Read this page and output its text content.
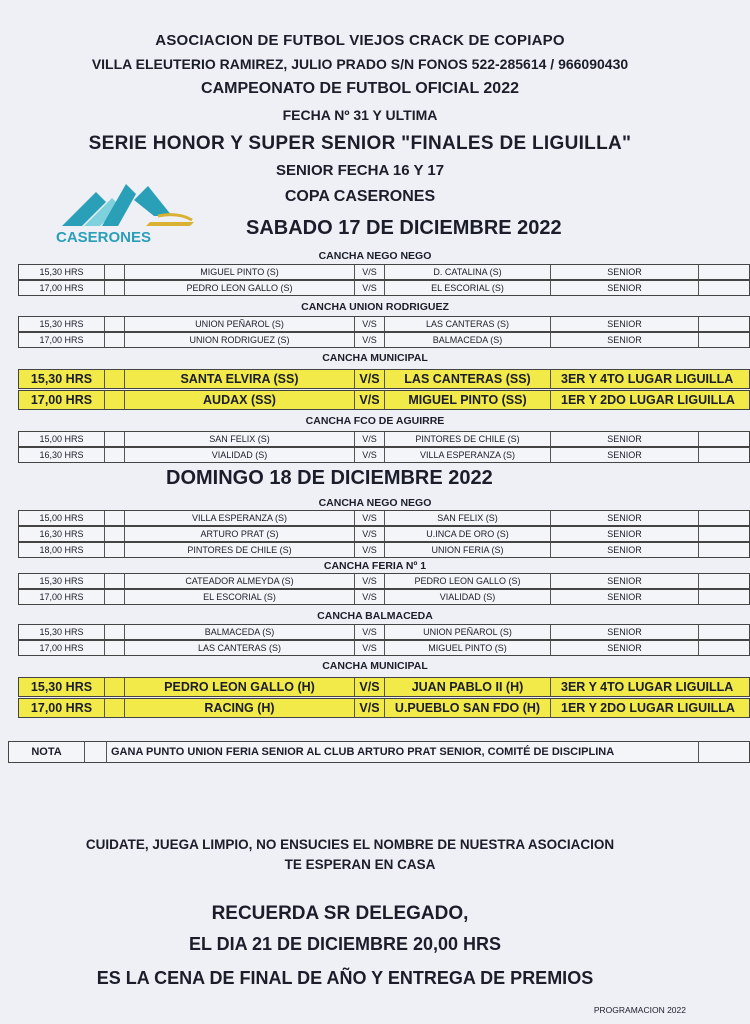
ASOCIACION DE FUTBOL VIEJOS CRACK DE COPIAPO
VILLA ELEUTERIO RAMIREZ, JULIO PRADO S/N FONOS 522-285614 / 966090430
CAMPEONATO DE FUTBOL OFICIAL 2022
FECHA Nº 31 Y ULTIMA
SERIE HONOR Y SUPER SENIOR "FINALES DE LIGUILLA"
SENIOR FECHA 16 Y 17
COPA CASERONES
CASERONES	SABADO 17 DE DICIEMBRE 2022
DOMINGO 18 DE DICIEMBRE 2022
CANCHA NEGO NEGO
15,30 HRS	MIGUEL PINTO (S)	V/S	D. CATALINA (S)	SENIOR
17,00 HRS	PEDRO LEON GALLO (S)	V/S	EL ESCORIAL (S)	SENIOR
CANCHA UNION RODRIGUEZ
15,30 HRS	UNION PEÑAROL (S)	V/S	LAS CANTERAS (S)	SENIOR
17,00 HRS	UNION RODRIGUEZ (S)	V/S	BALMACEDA (S)	SENIOR
CANCHA MUNICIPAL
15,30 HRS	SANTA ELVIRA (SS)	V/S	LAS CANTERAS (SS)	3ER Y 4TO LUGAR LIGUILLA
17,00 HRS	AUDAX (SS)	V/S	MIGUEL PINTO (SS)	1ER Y 2DO LUGAR LIGUILLA
CANCHA FCO DE AGUIRRE
15,00 HRS	SAN FELIX (S)	V/S	PINTORES DE CHILE (S)	SENIOR
16,30 HRS	VIALIDAD (S)	V/S	VILLA ESPERANZA (S)	SENIOR
CANCHA NEGO NEGO
15,00 HRS	VILLA ESPERANZA (S)	V/S	SAN FELIX (S)	SENIOR
16,30 HRS	ARTURO PRAT (S)	V/S	U.INCA DE ORO (S)	SENIOR
18,00 HRS	PINTORES DE CHILE (S)	V/S	UNION FERIA (S)	SENIOR
CANCHA FERIA Nº 1
15,30 HRS	CATEADOR ALMEYDA (S)	V/S	PEDRO LEON GALLO (S)	SENIOR
17,00 HRS	EL ESCORIAL (S)	V/S	VIALIDAD (S)	SENIOR
CANCHA BALMACEDA
15,30 HRS	BALMACEDA (S)	V/S	UNION PEÑAROL (S)	SENIOR
17,00 HRS	LAS CANTERAS (S)	V/S	MIGUEL PINTO (S)	SENIOR
CANCHA MUNICIPAL
15,30 HRS	PEDRO LEON GALLO (H)	V/S	JUAN PABLO II (H)	3ER Y 4TO LUGAR LIGUILLA
17,00 HRS	RACING (H)	V/S	U.PUEBLO SAN FDO (H)	1ER Y 2DO LUGAR LIGUILLA
NOTA	GANA PUNTO UNION FERIA SENIOR AL CLUB ARTURO PRAT SENIOR, COMITÉ DE DISCIPLINA
CUIDATE, JUEGA LIMPIO, NO ENSUCIES EL NOMBRE DE NUESTRA ASOCIACION
TE ESPERAN EN CASA
RECUERDA SR DELEGADO,
EL DIA 21 DE DICIEMBRE 20,00 HRS
ES LA CENA DE FINAL DE AÑO Y ENTREGA DE PREMIOS
PROGRAMACION 2022
